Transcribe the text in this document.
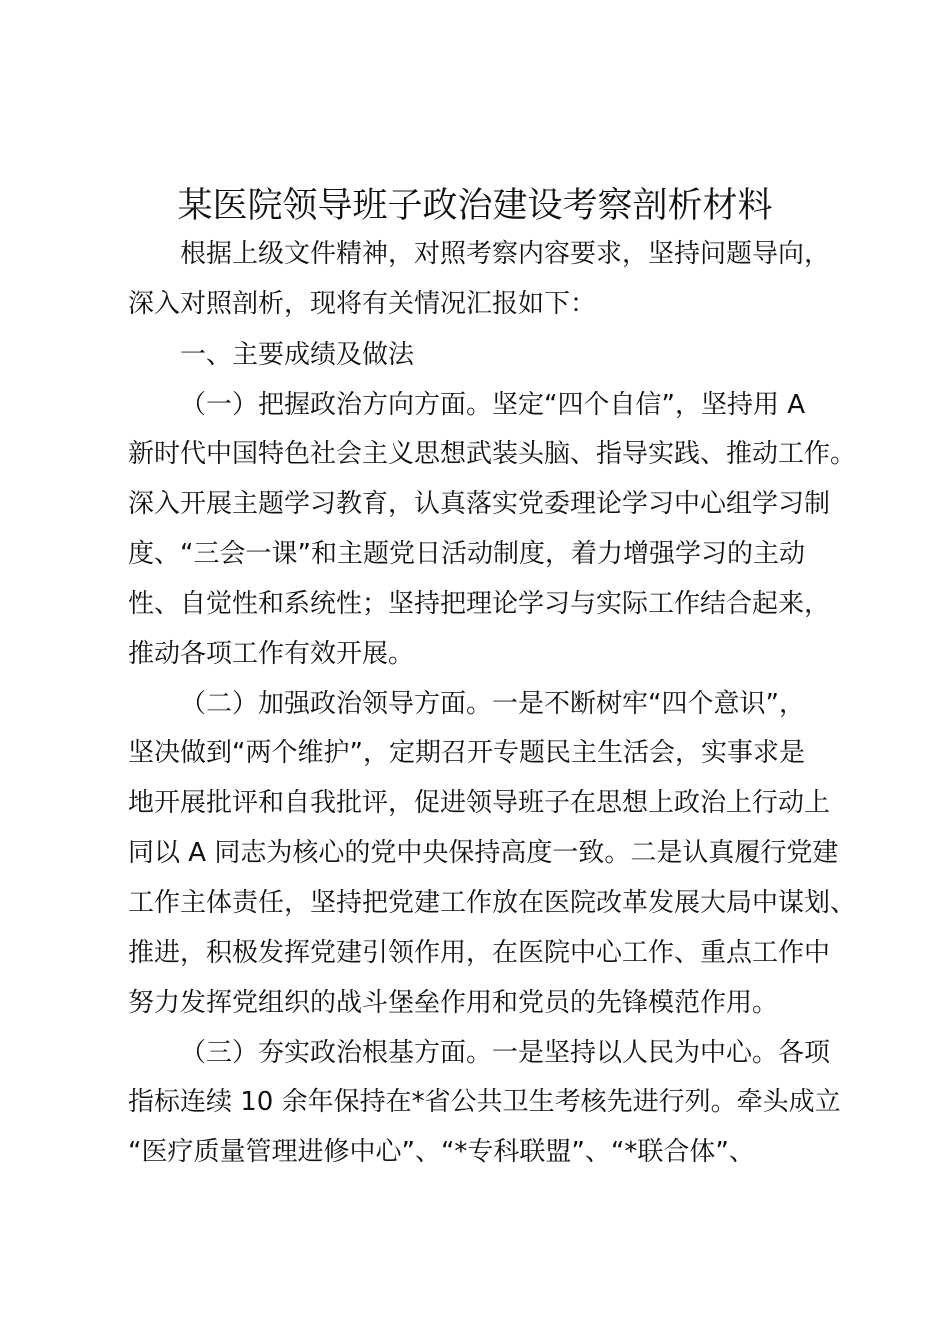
某医院领导班子政治建设考察剖析材料
根据上级文件精神，对照考察内容要求，坚持问题导向，
深入对照剖析，现将有关情况汇报如下：
一、主要成绩及做法
（一）把握政治方向方面。坚定“四个自信”，坚持用 A
新时代中国特色社会主义思想武装头脑、指导实践、推动工作。
深入开展主题学习教育，认真落实党委理论学习中心组学习制
度、“三会一课”和主题党日活动制度，着力增强学习的主动
性、自觉性和系统性；坚持把理论学习与实际工作结合起来，
推动各项工作有效开展。
（二）加强政治领导方面。一是不断树牢“四个意识”，
坚决做到“两个维护”，定期召开专题民主生活会，实事求是
地开展批评和自我批评，促进领导班子在思想上政治上行动上
同以 A 同志为核心的党中央保持高度一致。二是认真履行党建
工作主体责任，坚持把党建工作放在医院改革发展大局中谋划、
推进，积极发挥党建引领作用，在医院中心工作、重点工作中
努力发挥党组织的战斗堡垒作用和党员的先锋模范作用。
（三）夯实政治根基方面。一是坚持以人民为中心。各项
指标连续 10 余年保持在*省公共卫生考核先进行列。牵头成立
“医疗质量管理进修中心”、“*专科联盟”、“*联合体”、
